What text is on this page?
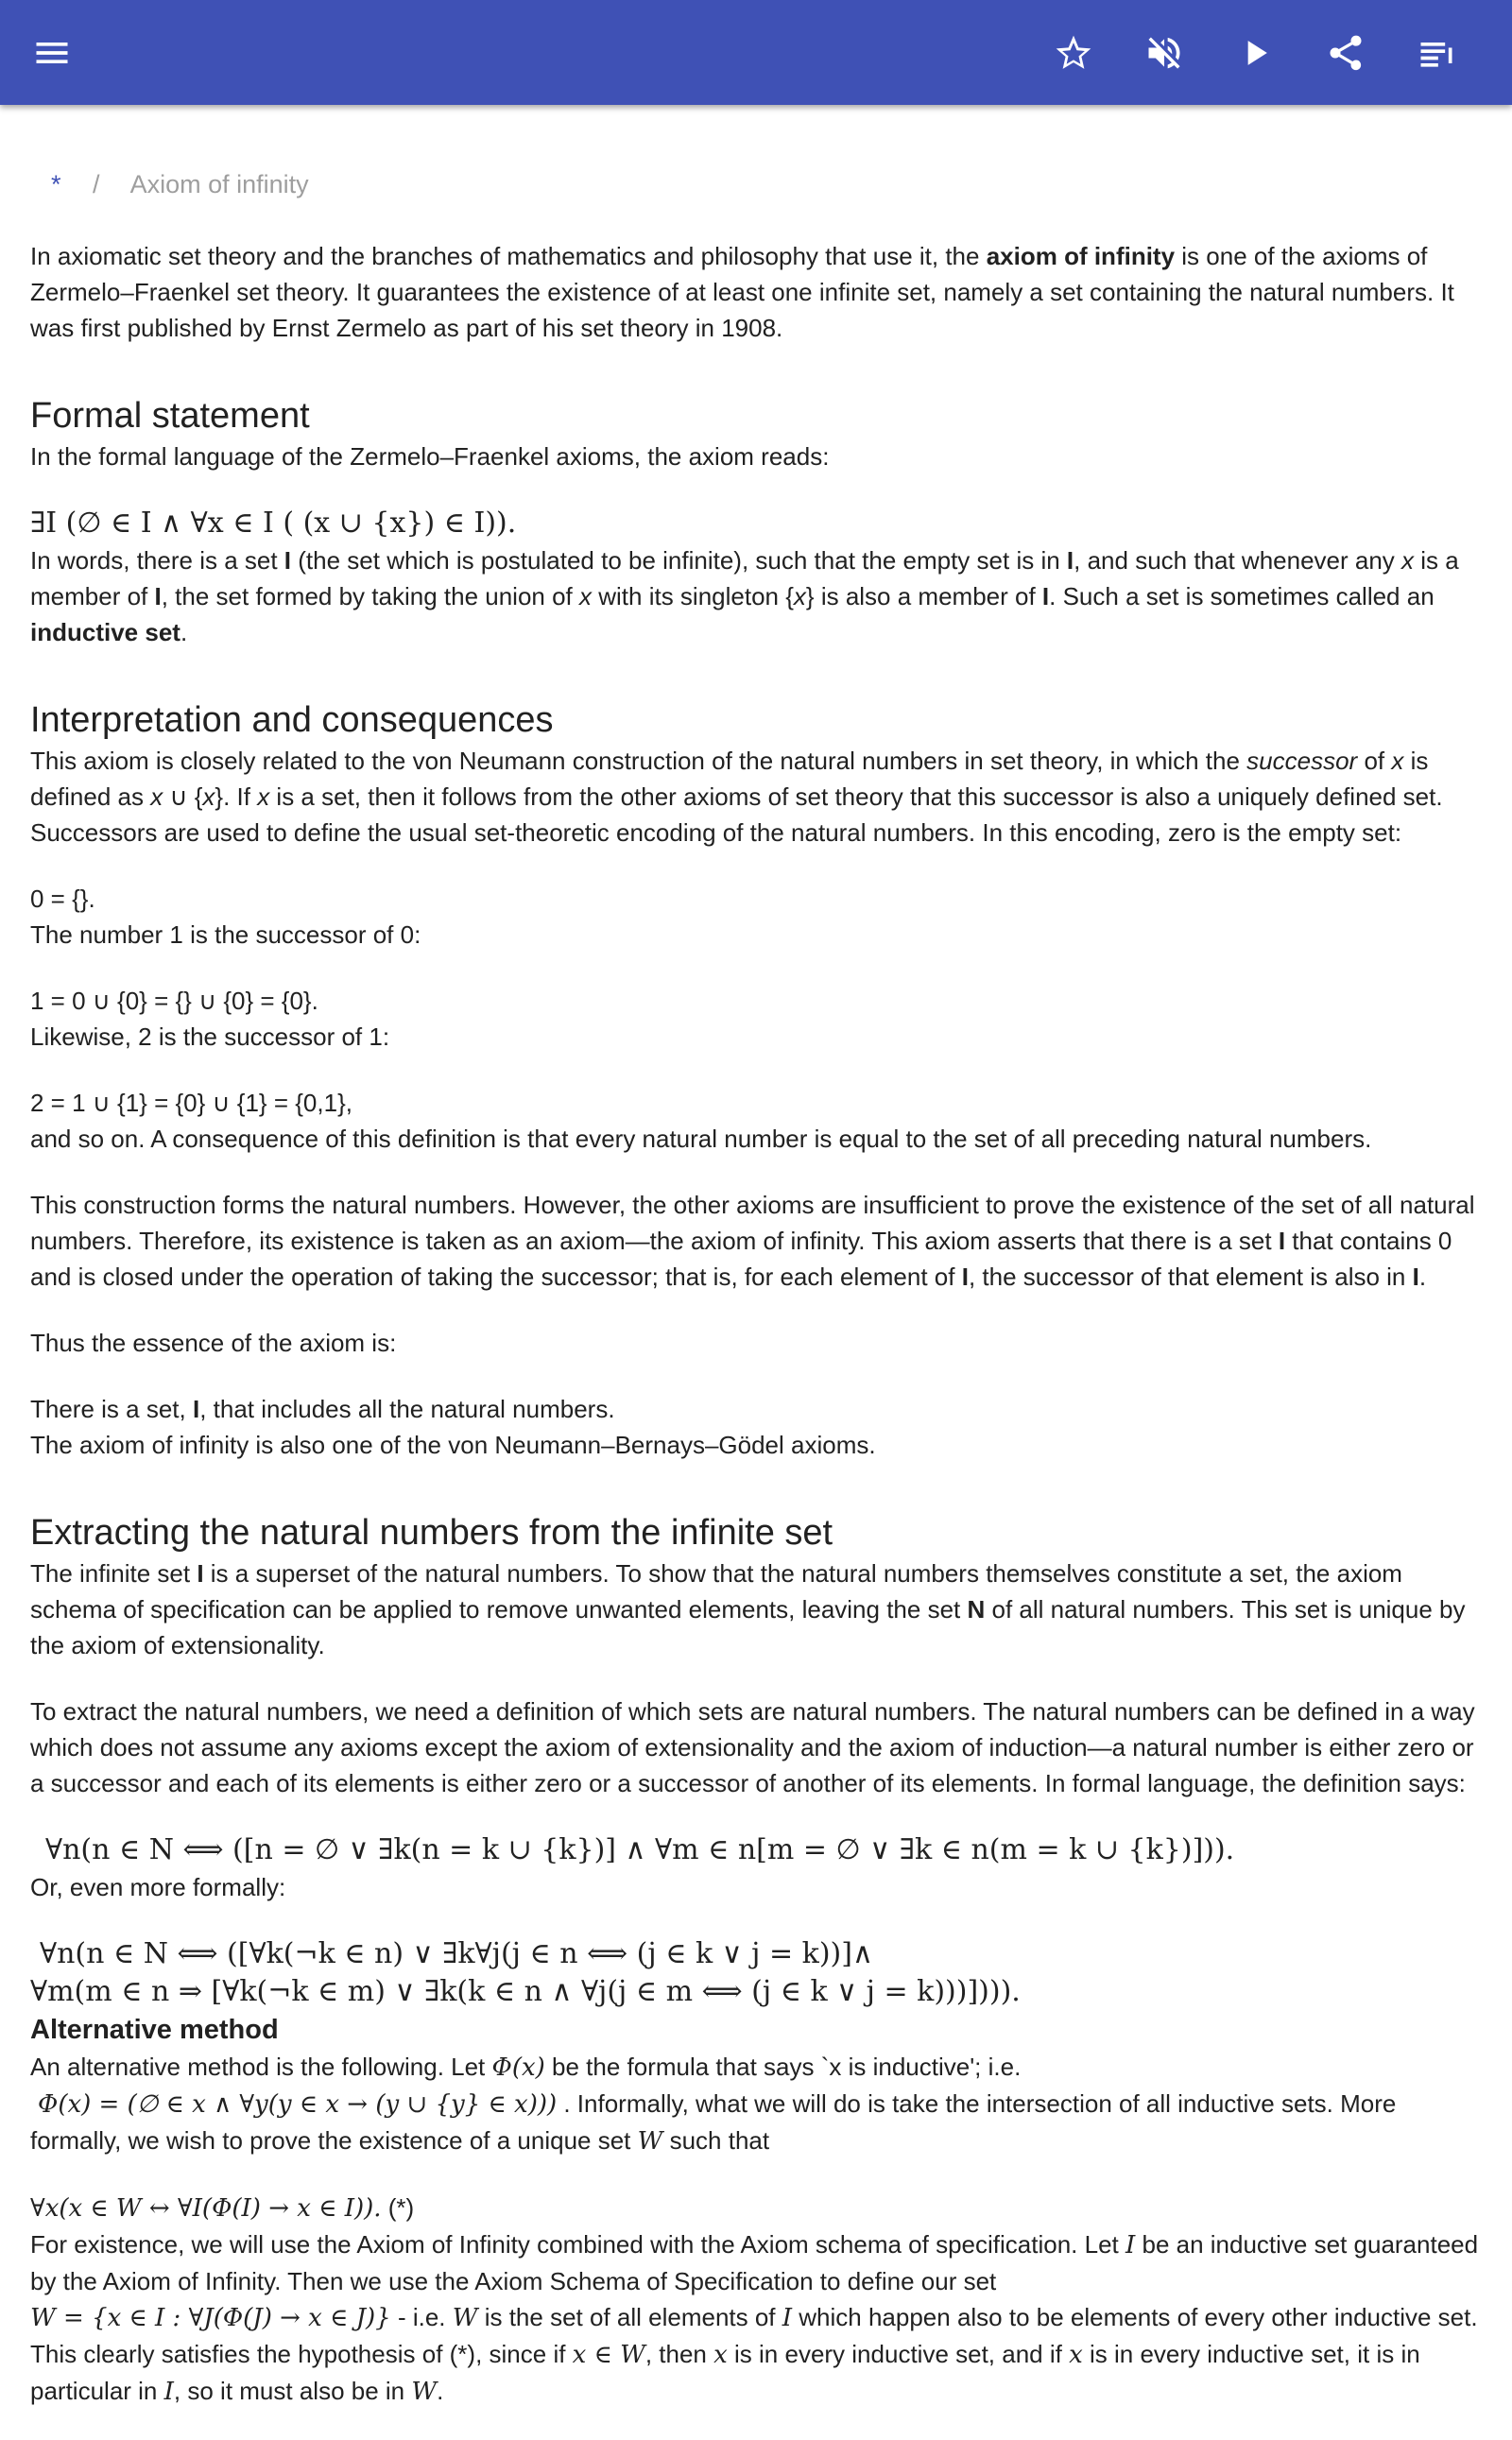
* / Axiom of infinity

In axiomatic set theory and the branches of mathematics and philosophy that use it, the axiom of infinity is one of the axioms of Zermelo–Fraenkel set theory. It guarantees the existence of at least one infinite set, namely a set containing the natural numbers. It was first published by Ernst Zermelo as part of his set theory in 1908.

Formal statement

In the formal language of the Zermelo–Fraenkel axioms, the axiom reads:

∃I (∅ ∈ I ∧ ∀x ∈ I ( (x ∪ {x}) ∈ I)).

In words, there is a set I (the set which is postulated to be infinite), such that the empty set is in I, and such that whenever any x is a member of I, the set formed by taking the union of x with its singleton {x} is also a member of I. Such a set is sometimes called an inductive set.

Interpretation and consequences

This axiom is closely related to the von Neumann construction of the natural numbers in set theory, in which the successor of x is defined as x ∪ {x}. If x is a set, then it follows from the other axioms of set theory that this successor is also a uniquely defined set. Successors are used to define the usual set-theoretic encoding of the natural numbers. In this encoding, zero is the empty set:

0 = {}.

The number 1 is the successor of 0:

1 = 0 ∪ {0} = {} ∪ {0} = {0}.

Likewise, 2 is the successor of 1:

2 = 1 ∪ {1} = {0} ∪ {1} = {0,1},

and so on. A consequence of this definition is that every natural number is equal to the set of all preceding natural numbers.

This construction forms the natural numbers. However, the other axioms are insufficient to prove the existence of the set of all natural numbers. Therefore, its existence is taken as an axiom—the axiom of infinity. This axiom asserts that there is a set I that contains 0 and is closed under the operation of taking the successor; that is, for each element of I, the successor of that element is also in I.

Thus the essence of the axiom is:

There is a set, I, that includes all the natural numbers.

The axiom of infinity is also one of the von Neumann–Bernays–Gödel axioms.

Extracting the natural numbers from the infinite set

The infinite set I is a superset of the natural numbers. To show that the natural numbers themselves constitute a set, the axiom schema of specification can be applied to remove unwanted elements, leaving the set N of all natural numbers. This set is unique by the axiom of extensionality.

To extract the natural numbers, we need a definition of which sets are natural numbers. The natural numbers can be defined in a way which does not assume any axioms except the axiom of extensionality and the axiom of induction—a natural number is either zero or a successor and each of its elements is either zero or a successor of another of its elements. In formal language, the definition says:

∀n(n ∈ N ⟺ ([n = ∅ ∨ ∃k(n = k ∪ {k})] ∧ ∀m ∈ n[m = ∅ ∨ ∃k ∈ n(m = k ∪ {k})])).

Or, even more formally:

∀n(n ∈ N ⟺ ([∀k(¬k ∈ n) ∨ ∃k∀j(j ∈ n ⟺ (j ∈ k ∨ j = k))]∧

∀m(m ∈ n ⇒ [∀k(¬k ∈ m) ∨ ∃k(k ∈ n ∧ ∀j(j ∈ m ⟺ (j ∈ k ∨ j = k)))]))).

Alternative method

An alternative method is the following. Let Φ(x) be the formula that says `x is inductive'; i.e.
Φ(x) = (∅ ∈ x ∧ ∀y(y ∈ x → (y ∪ {y} ∈ x))) . Informally, what we will do is take the intersection of all inductive sets. More formally, we wish to prove the existence of a unique set W such that

∀x(x ∈ W ↔ ∀I(Φ(I) → x ∈ I)). (*)

For existence, we will use the Axiom of Infinity combined with the Axiom schema of specification. Let I be an inductive set guaranteed by the Axiom of Infinity. Then we use the Axiom Schema of Specification to define our set
W = {x ∈ I : ∀J(Φ(J) → x ∈ J)} - i.e. W is the set of all elements of I which happen also to be elements of every other inductive set. This clearly satisfies the hypothesis of (*), since if x ∈ W, then x is in every inductive set, and if x is in every inductive set, it is in particular in I, so it must also be in W.
